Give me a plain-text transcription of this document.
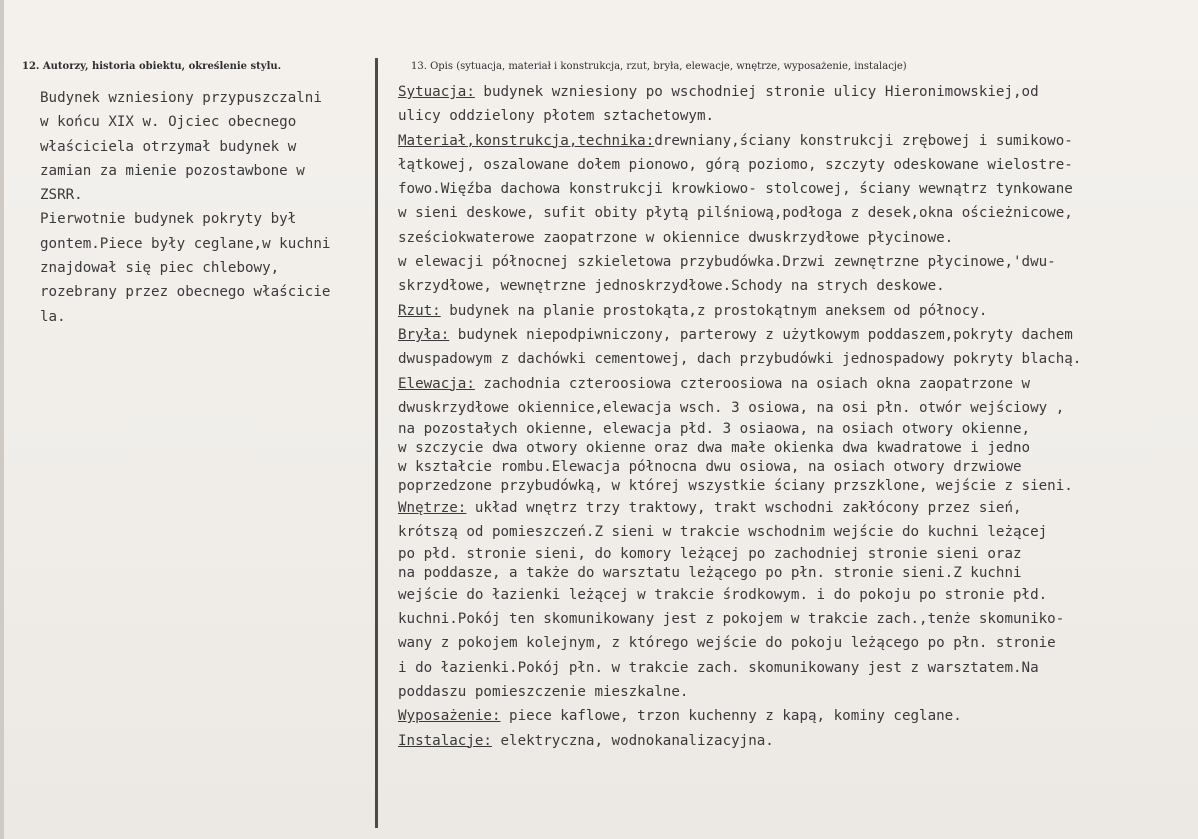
12. Autorzy, historia obiektu, określenie stylu.	13. Opis (sytuacja, materiał i konstrukcja, rzut, bryła, elewacje, wnętrze, wyposażenie, instalacje)
Budynek wzniesiony przypuszczalni
w końcu XIX w. Ojciec obecnego
właściciela otrzymał budynek w
zamian za mienie pozostawbone w
ZSRR.
Pierwotnie budynek pokryty był
gontem.Piece były ceglane,w kuchni
znajdował się piec chlebowy,
rozebrany przez obecnego właścicie
la.
Sytuacja: budynek wzniesiony po wschodniej stronie ulicy Hieronimowskiej,od
ulicy oddzielony płotem sztachetowym.
Materiał,konstrukcja,technika:drewniany,ściany konstrukcji zrębowej i sumikowo-
łątkowej, oszalowane dołem pionowo, górą poziomo, szczyty odeskowane wielostre-
fowo.Więźba dachowa konstrukcji krowkiowo- stolcowej, ściany wewnątrz tynkowane
w sieni deskowe, sufit obity płytą pilśniową,podłoga z desek,okna ościeżnicowe,
sześciokwaterowe zaopatrzone w okiennice dwuskrzydłowe płycinowe.
w elewacji północnej szkieletowa przybudówka.Drzwi zewnętrzne płycinowe,'dwu-
skrzydłowe, wewnętrzne jednoskrzydłowe.Schody na strych deskowe.
Rzut: budynek na planie prostokąta,z prostokątnym aneksem od północy.
Bryła: budynek niepodpiwniczony, parterowy z użytkowym poddaszem,pokryty dachem
dwuspadowym z dachówki cementowej, dach przybudówki jednospadowy pokryty blachą.
Elewacja: zachodnia czteroosiowa czteroosiowa na osiach okna zaopatrzone w
dwuskrzydłowe okiennice,elewacja wsch. 3 osiowa, na osi płn. otwór wejściowy ,
na pozostałych okienne, elewacja płd. 3 osiaowa, na osiach otwory okienne,
w szczycie dwa otwory okienne oraz dwa małe okienka dwa kwadratowe i jedno
w kształcie rombu.Elewacja północna dwu osiowa, na osiach otwory drzwiowe
poprzedzone przybudówką, w której wszystkie ściany przszklone, wejście z sieni.
Wnętrze: układ wnętrz trzy traktowy, trakt wschodni zakłócony przez sień,
krótszą od pomieszczeń.Z sieni w trakcie wschodnim wejście do kuchni leżącej
po płd. stronie sieni, do komory leżącej po zachodniej stronie sieni oraz
na poddasze, a także do warsztatu leżącego po płn. stronie sieni.Z kuchni
wejście do łazienki leżącej w trakcie środkowym. i do pokoju po stronie płd.
kuchni.Pokój ten skomunikowany jest z pokojem w trakcie zach.,tenże skomuniko-
wany z pokojem kolejnym, z którego wejście do pokoju leżącego po płn. stronie
i do łazienki.Pokój płn. w trakcie zach. skomunikowany jest z warsztatem.Na
poddaszu pomieszczenie mieszkalne.
Wyposażenie: piece kaflowe, trzon kuchenny z kapą, kominy ceglane.
Instalacje: elektryczna, wodnokanalizacyjna.
